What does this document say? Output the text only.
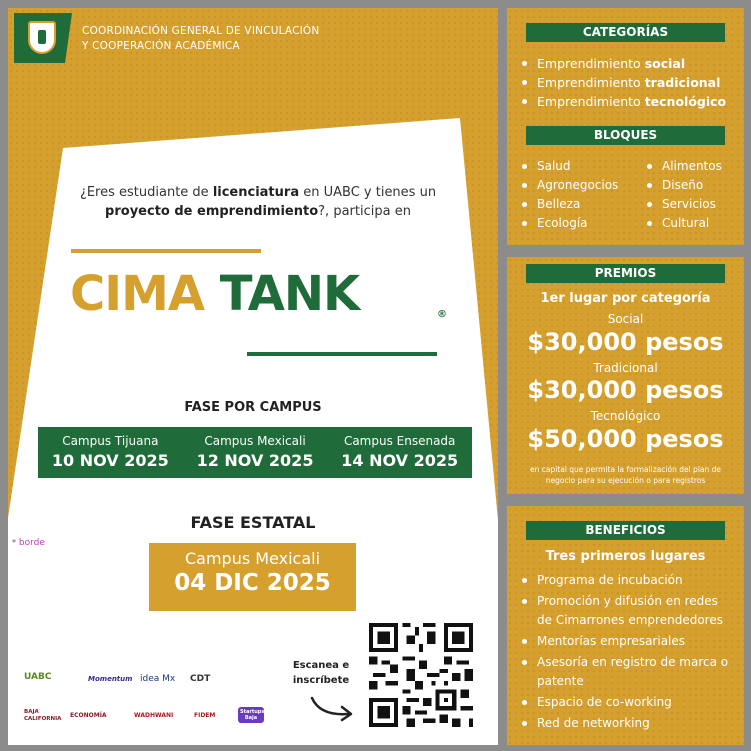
COORDINACIÓN GENERAL DE VINCULACIÓN
Y COOPERACIÓN ACADÉMICA
¿Eres estudiante de licenciatura en UABC y tienes un proyecto de emprendimiento?, participa en
CIMA TANK	®
FASE POR CAMPUS
Campus Tijuana
10 NOV 2025
Campus Mexicali
12 NOV 2025
Campus Ensenada
14 NOV 2025
FASE ESTATAL
Campus Mexicali
04 DIC 2025
* borde
UABC	Momentum idea Mx CDT
BAJA CALIFORNIA	ECONOMÍA	WADHWANI	FIDEM	Startups Baja
Escanea e
inscríbete
CATEGORÍAS
Emprendimiento social
Emprendimiento tradicional
Emprendimiento tecnológico
BLOQUES
Salud
Agronegocios
Belleza
Ecología
Alimentos
Diseño
Servicios
Cultural
PREMIOS
1er lugar por categoría
Social
$30,000 pesos
Tradicional
$30,000 pesos
Tecnológico
$50,000 pesos
en capital que permita la formalización del plan de negocio para su ejecución o para registros
BENEFICIOS
Tres primeros lugares
Programa de incubación
Promoción y difusión en redes de Cimarrones emprendedores
Mentorías empresariales
Asesoría en registro de marca o patente
Espacio de co-working
Red de networking
